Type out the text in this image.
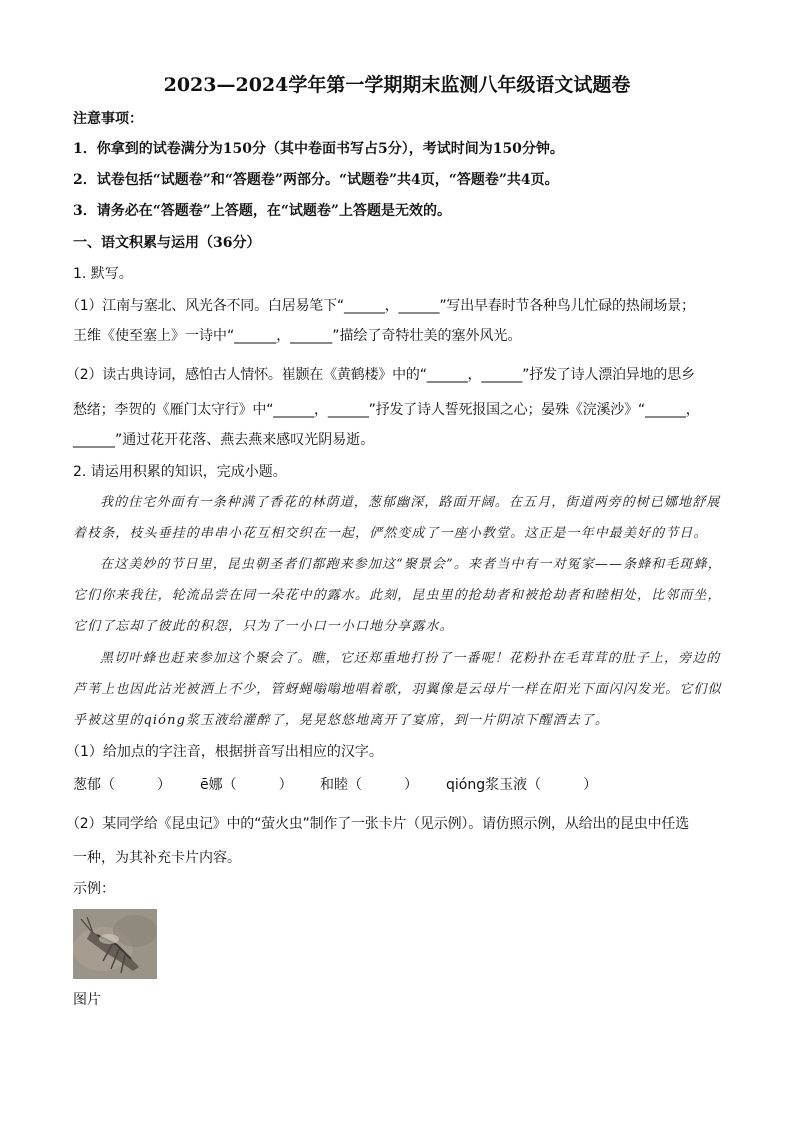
2023—2024学年第一学期期末监测八年级语文试题卷
注意事项：
1．你拿到的试卷满分为150分（其中卷面书写占5分），考试时间为150分钟。
2．试卷包括“试题卷”和“答题卷”两部分。“试题卷”共4页，“答题卷”共4页。
3．请务必在“答题卷”上答题，在“试题卷”上答题是无效的。
一、语文积累与运用（36分）
1. 默写。
（1）江南与塞北、风光各不同。白居易笔下“______，______”写出早春时节各种鸟儿忙碌的热闹场景；
王维《使至塞上》一诗中“______，______”描绘了奇特壮美的塞外风光。
（2）读古典诗词，感怕古人情怀。崔颢在《黄鹤楼》中的“______，______”抒发了诗人漂泊异地的思乡
愁绪；李贺的《雁门太守行》中“______，______”抒发了诗人誓死报国之心；晏殊《浣溪沙》“______，
______”通过花开花落、燕去燕来感叹光阴易逝。
2. 请运用积累的知识，完成小题。
我的住宅外面有一条种满了香花的林荫道，葱郁幽深，路面开阔。在五月，街道两旁的树已娜地舒展
着枝条，枝头垂挂的串串小花互相交织在一起，俨然变成了一座小教堂。这正是一年中最美好的节日。
在这美妙的节日里，昆虫朝圣者们都跑来参加这“聚景会”。来者当中有一对冤家——条蜂和毛斑蜂，
它们你来我往，轮流品尝在同一朵花中的露水。此刻，昆虫里的抢劫者和被抢劫者和睦相处，比邻而坐，
它们了忘却了彼此的积怨，只为了一小口一小口地分享露水。
黑切叶蜂也赶来参加这个聚会了。瞧，它还郑重地打扮了一番呢！花粉扑在毛茸茸的肚子上，旁边的
芦苇上也因此沾光被洒上不少，管蚜蝇嗡嗡地唱着歌，羽翼像是云母片一样在阳光下面闪闪发光。它们似
乎被这里的qióng浆玉液给灌醉了，晃晃悠悠地离开了宴席，到一片阴凉下醒酒去了。
（1）给加点的字注音，根据拼音写出相应的汉字。
葱郁（　　　） ē娜（　　　） 和睦（　　　） qióng浆玉液（　　　）
（2）某同学给《昆虫记》中的“萤火虫”制作了一张卡片（见示例）。请仿照示例，从给出的昆虫中任选
一种，为其补充卡片内容。
示例：
图片
